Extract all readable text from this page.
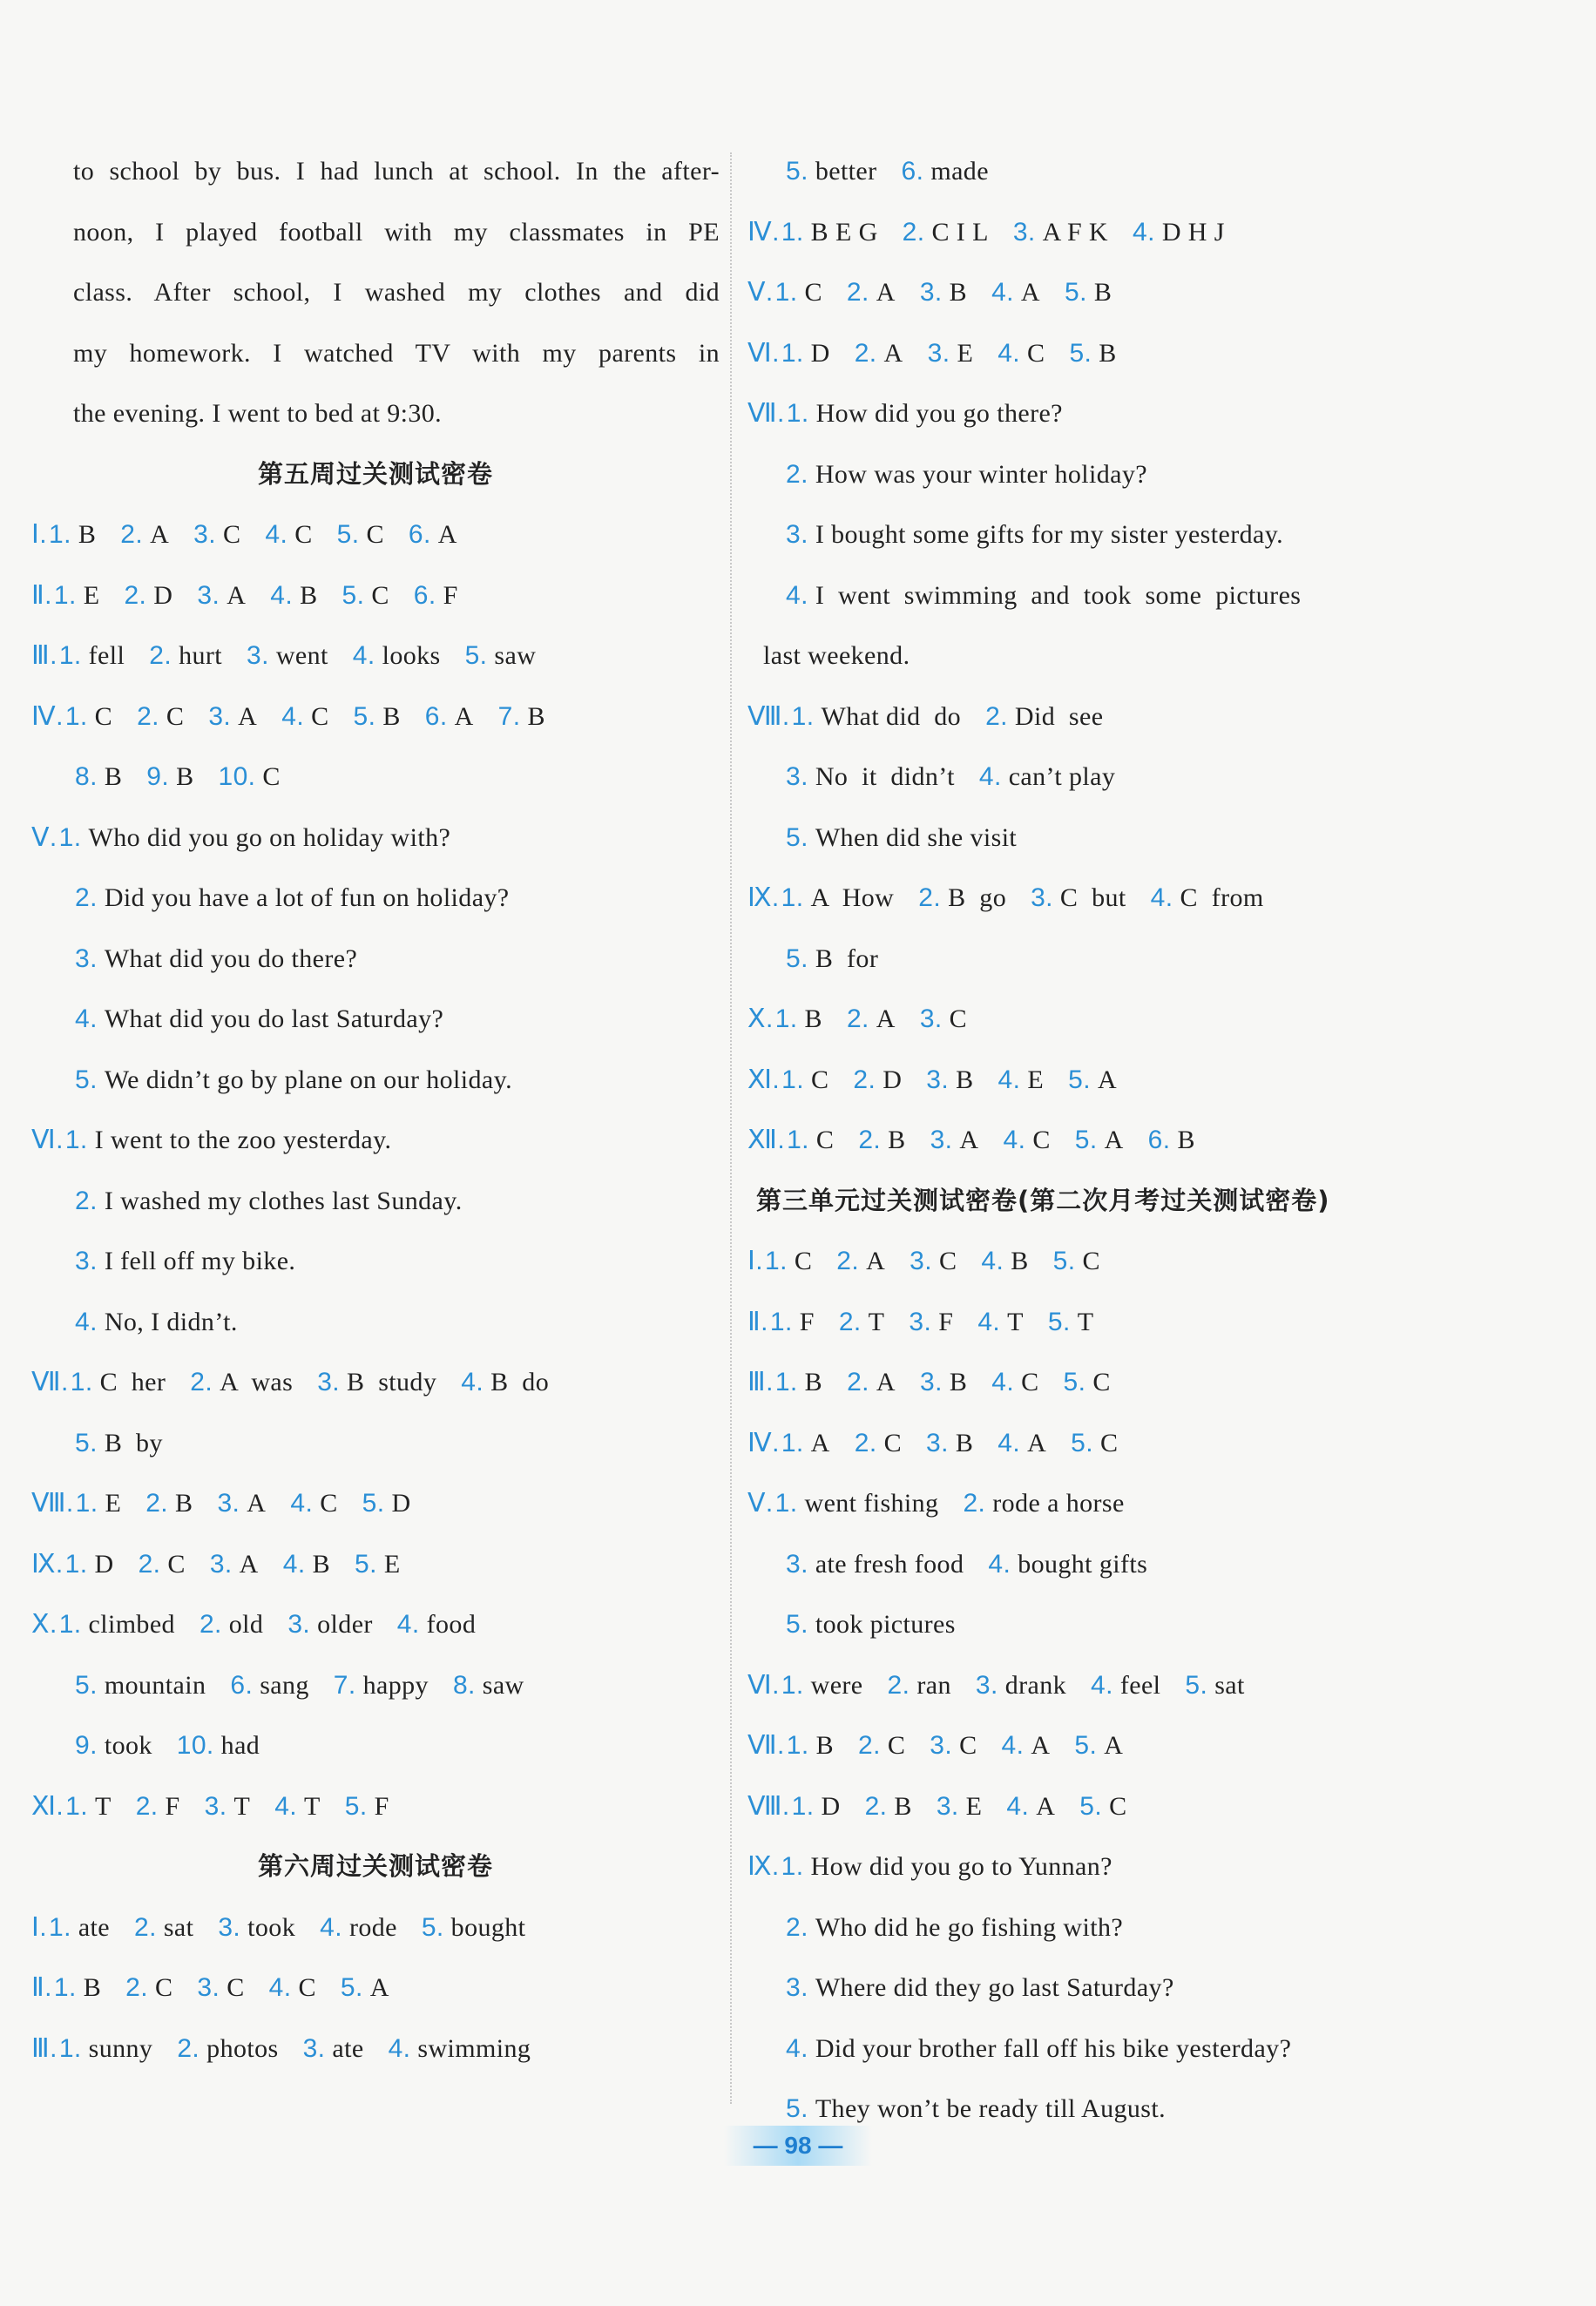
to school by bus. I had lunch at school. In the after-
noon, I played football with my classmates in PE
class. After school, I washed my clothes and did
my homework. I watched TV with my parents in
the evening. I went to bed at 9:30.
第五周过关测试密卷
Ⅰ.1. B 2. A 3. C 4. C 5. C 6. A
Ⅱ.1. E 2. D 3. A 4. B 5. C 6. F
Ⅲ.1. fell 2. hurt 3. went 4. looks 5. saw
Ⅳ.1. C 2. C 3. A 4. C 5. B 6. A 7. B
8. B 9. B 10. C
Ⅴ.1. Who did you go on holiday with?
2. Did you have a lot of fun on holiday?
3. What did you do there?
4. What did you do last Saturday?
5. We didn’t go by plane on our holiday.
Ⅵ.1. I went to the zoo yesterday.
2. I washed my clothes last Sunday.
3. I fell off my bike.
4. No, I didn’t.
Ⅶ.1. C  her 2. A  was 3. B  study 4. B  do
5. B  by
Ⅷ.1. E 2. B 3. A 4. C 5. D
Ⅸ.1. D 2. C 3. A 4. B 5. E
Ⅹ.1. climbed 2. old 3. older 4. food
5. mountain 6. sang 7. happy 8. saw
9. took 10. had
Ⅺ.1. T 2. F 3. T 4. T 5. F
第六周过关测试密卷
Ⅰ.1. ate 2. sat 3. took 4. rode 5. bought
Ⅱ.1. B 2. C 3. C 4. C 5. A
Ⅲ.1. sunny 2. photos 3. ate 4. swimming
5. better 6. made
Ⅳ.1. B E G 2. C I L 3. A F K 4. D H J
Ⅴ.1. C 2. A 3. B 4. A 5. B
Ⅵ.1. D 2. A 3. E 4. C 5. B
Ⅶ.1. How did you go there?
2. How was your winter holiday?
3. I bought some gifts for my sister yesterday.
4. I  went  swimming  and  took  some  pictures
last weekend.
Ⅷ.1. What did  do 2. Did  see
3. No  it  didn’t 4. can’t play
5. When did she visit
Ⅸ.1. A  How 2. B  go 3. C  but 4. C  from
5. B  for
Ⅹ.1. B 2. A 3. C
Ⅺ.1. C 2. D 3. B 4. E 5. A
Ⅻ.1. C 2. B 3. A 4. C 5. A 6. B
第三单元过关测试密卷(第二次月考过关测试密卷)
Ⅰ.1. C 2. A 3. C 4. B 5. C
Ⅱ.1. F 2. T 3. F 4. T 5. T
Ⅲ.1. B 2. A 3. B 4. C 5. C
Ⅳ.1. A 2. C 3. B 4. A 5. C
Ⅴ.1. went fishing 2. rode a horse
3. ate fresh food 4. bought gifts
5. took pictures
Ⅵ.1. were 2. ran 3. drank 4. feel 5. sat
Ⅶ.1. B 2. C 3. C 4. A 5. A
Ⅷ.1. D 2. B 3. E 4. A 5. C
Ⅸ.1. How did you go to Yunnan?
2. Who did he go fishing with?
3. Where did they go last Saturday?
4. Did your brother fall off his bike yesterday?
5. They won’t be ready till August.
— 98 —
